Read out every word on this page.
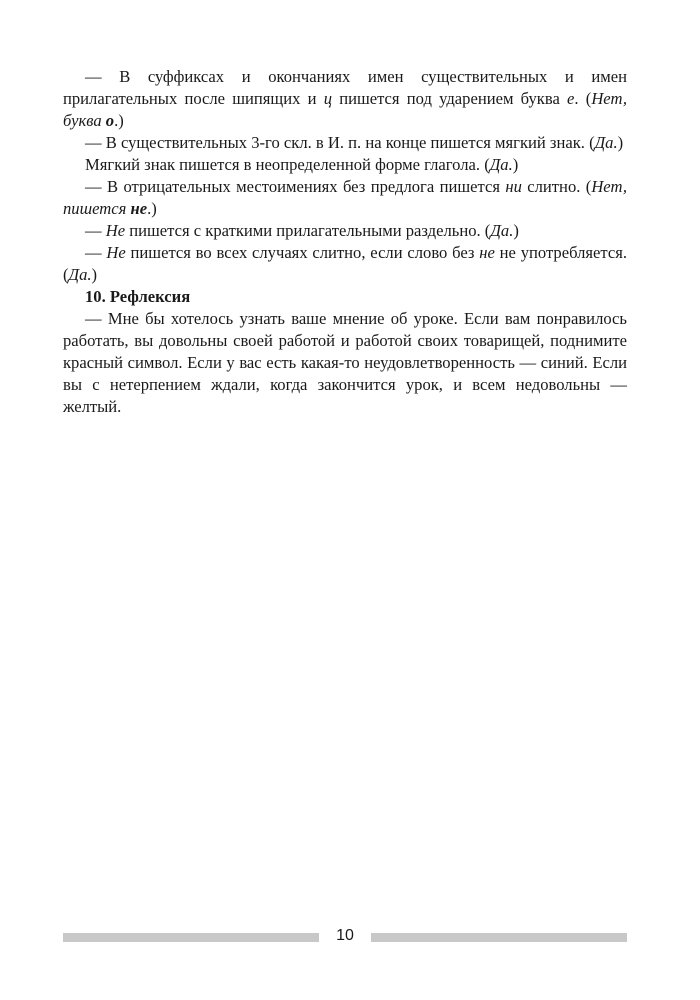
— В суффиксах и окончаниях имен существительных и имен прилагательных после шипящих и ц пишется под ударением буква е. (Нет, буква о.)

— В существительных 3-го скл. в И. п. на конце пишется мягкий знак. (Да.)

Мягкий знак пишется в неопределенной форме глагола. (Да.)

— В отрицательных местоимениях без предлога пишется ни слитно. (Нет, пишется не.)

— Не пишется с краткими прилагательными раздельно. (Да.)

— Не пишется во всех случаях слитно, если слово без не не употребляется. (Да.)

10. Рефлексия

— Мне бы хотелось узнать ваше мнение об уроке. Если вам понравилось работать, вы довольны своей работой и работой своих товарищей, поднимите красный символ. Если у вас есть какая-то неудовлетворенность — синий. Если вы с нетерпением ждали, когда закончится урок, и всем недовольны — желтый.

10
